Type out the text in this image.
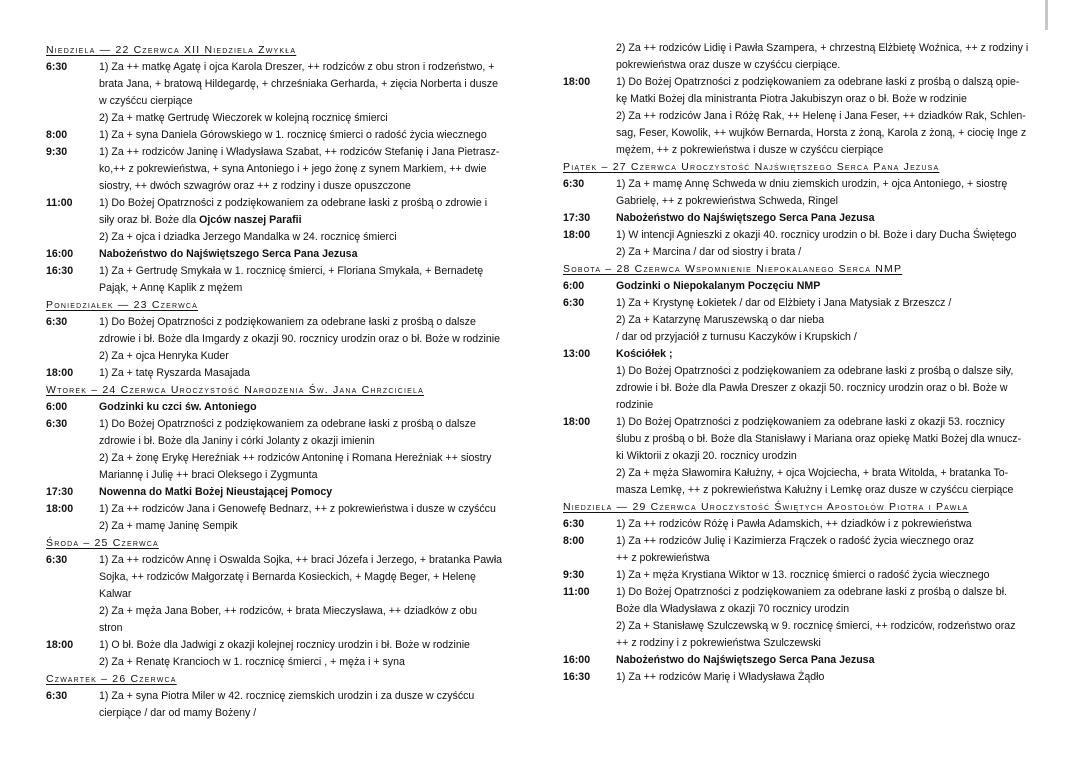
Niedziela — 22 Czerwca XII Niedziela Zwykła
6:30	1) Za ++ matkę Agatę i ojca Karola Dreszer, ++ rodziców z obu stron i rodzeństwo, +
brata Jana, + bratową Hildegardę, + chrześniaka Gerharda, + zięcia Norberta i dusze
w czyśćcu cierpiące
2) Za + matkę Gertrudę Wieczorek w kolejną rocznicę śmierci
8:00	1) Za + syna Daniela Górowskiego w 1. rocznicę śmierci o radość życia wiecznego
9:30	1) Za ++ rodziców Janinę i Władysława Szabat, ++ rodziców Stefanię i Jana Pietrasz-
ko,++ z pokrewieństwa, + syna Antoniego i + jego żonę z synem Markiem, ++ dwie
siostry, ++ dwóch szwagrów oraz ++ z rodziny i dusze opuszczone
11:00	1) Do Bożej Opatrzności z podziękowaniem za odebrane łaski z prośbą o zdrowie i
siły oraz bł. Boże dla Ojców naszej Parafii
2) Za + ojca i dziadka Jerzego Mandalka w 24. rocznicę śmierci
16:00	Nabożeństwo do Najświętszego Serca Pana Jezusa
16:30	1) Za + Gertrudę Smykała w 1. rocznicę śmierci, + Floriana Smykała, + Bernadetę
Pająk, + Annę Kaplik z mężem
Poniedziałek — 23 Czerwca
6:30	1) Do Bożej Opatrzności z podziękowaniem za odebrane łaski z prośbą o dalsze
zdrowie i bł. Boże dla Imgardy z okazji 90. rocznicy urodzin oraz o bł. Boże w rodzinie
2) Za + ojca Henryka Kuder
18:00	1) Za + tatę Ryszarda Masajada
Wtorek – 24 Czerwca Uroczystość Narodzenia Św. Jana Chrzciciela
6:00	Godzinki ku czci św. Antoniego
6:30	1) Do Bożej Opatrzności z podziękowaniem za odebrane łaski z prośbą o dalsze
zdrowie i bł. Boże dla Janiny i córki Jolanty z okazji imienin
2) Za + żonę Erykę Hereźniak ++ rodziców Antoninę i Romana Hereźniak ++ siostry
Mariannę i Julię ++ braci Oleksego i Zygmunta
17:30	Nowenna do Matki Bożej Nieustającej Pomocy
18:00	1) Za ++ rodziców Jana i Genowefę Bednarz, ++ z pokrewieństwa i dusze w czyśćcu
2) Za + mamę Janinę Sempik
Środa – 25 Czerwca
6:30	1) Za ++ rodziców Annę i Oswalda Sojka, ++ braci Józefa i Jerzego, + bratanka Pawła
Sojka, ++ rodziców Małgorzatę i Bernarda Kosieckich, + Magdę Beger, + Helenę
Kalwar
2) Za + męża Jana Bober, ++ rodziców, + brata Mieczysława, ++ dziadków z obu
stron
18:00	1) O bł. Boże dla Jadwigi z okazji kolejnej rocznicy urodzin i bł. Boże w rodzinie
2) Za + Renatę Krancioch w 1. rocznicę śmierci , + męża i + syna
Czwartek – 26 Czerwca
6:30	1) Za + syna Piotra Miler w 42. rocznicę ziemskich urodzin i za dusze w czyśćcu
cierpiące / dar od mamy Bożeny /
2) Za ++ rodziców Lidię i Pawła Szampera, + chrzestną Elżbietę Woźnica, ++ z rodziny i
pokrewieństwa oraz dusze w czyśćcu cierpiące.
18:00	1) Do Bożej Opatrzności z podziękowaniem za odebrane łaski z prośbą o dalszą opie-
kę Matki Bożej dla ministranta Piotra Jakubiszyn oraz o bł. Boże w rodzinie
2) Za ++ rodziców Jana i Różę Rak, ++ Helenę i Jana Feser, ++ dziadków Rak, Schlen-
sag, Feser, Kowolik, ++ wujków Bernarda, Horsta z żoną, Karola z żoną, + ciocię Inge z
mężem, ++ z pokrewieństwa i dusze w czyśćcu cierpiące
Piątek – 27 Czerwca Uroczystość Najświętszego Serca Pana Jezusa
6:30	1) Za + mamę Annę Schweda w dniu ziemskich urodzin, + ojca Antoniego, + siostrę
Gabrielę, ++ z pokrewieństwa Schweda, Ringel
17:30	Nabożeństwo do Najświętszego Serca Pana Jezusa
18:00	1) W intencji Agnieszki z okazji 40. rocznicy urodzin o bł. Boże i dary Ducha Świętego
2) Za + Marcina / dar od siostry i brata /
Sobota – 28 Czerwca Wspomnienie Niepokalanego Serca NMP
6:00	Godzinki o Niepokalanym Poczęciu NMP
6:30	1) Za + Krystynę Łokietek / dar od Elżbiety i Jana Matysiak z Brzeszcz /
2) Za + Katarzynę Maruszewską o dar nieba
/ dar od przyjaciół z turnusu Kaczyków i Krupskich /
13:00	Kościółek ;
1) Do Bożej Opatrzności z podziękowaniem za odebrane łaski z prośbą o dalsze siły,
zdrowie i bł. Boże dla Pawła Dreszer z okazji 50. rocznicy urodzin oraz o bł. Boże w
rodzinie
18:00	1) Do Bożej Opatrzności z podziękowaniem za odebrane łaski z okazji 53. rocznicy
ślubu z prośbą o bł. Boże dla Stanisławy i Mariana oraz opiekę Matki Bożej dla wnucz-
ki Wiktorii z okazji 20. rocznicy urodzin
2) Za + męża Sławomira Kałużny, + ojca Wojciecha, + brata Witolda, + bratanka To-
masza Lemkę, ++ z pokrewieństwa Kałużny i Lemkę oraz dusze w czyśćcu cierpiące
Niedziela — 29 Czerwca Uroczystość Świętych Apostołów Piotra i Pawła
6:30	1) Za ++ rodziców Różę i Pawła Adamskich, ++ dziadków i z pokrewieństwa
8:00	1) Za ++ rodziców Julię i Kazimierza Frączek o radość życia wiecznego oraz
++ z pokrewieństwa
9:30	1) Za + męża Krystiana Wiktor w 13. rocznicę śmierci o radość życia wiecznego
11:00	1) Do Bożej Opatrzności z podziękowaniem za odebrane łaski z prośbą o dalsze bł.
Boże dla Władysława z okazji 70 rocznicy urodzin
2) Za + Stanisławę Szulczewską w 9. rocznicę śmierci, ++ rodziców, rodzeństwo oraz
++ z rodziny i z pokrewieństwa Szulczewski
16:00	Nabożeństwo do Najświętszego Serca Pana Jezusa
16:30	1) Za ++ rodziców Marię i Władysława Żądło
